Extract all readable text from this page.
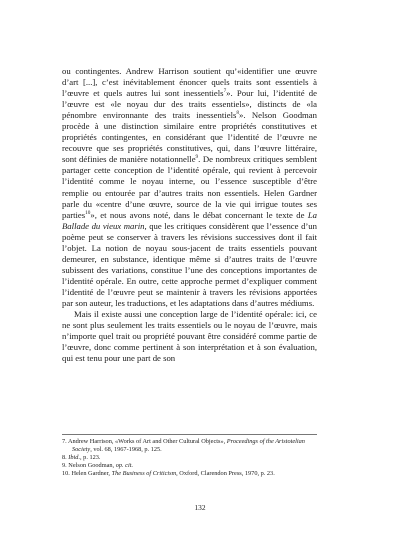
ou contingentes. Andrew Harrison soutient qu’«identifier une œuvre d’art [...], c’est inévitablement énoncer quels traits sont essentiels à l’œuvre et quels autres lui sont inessentiels$^7$». Pour lui, l’identité de l’œuvre est «le noyau dur des traits essentiels», distincts de «la pénombre environnante des traits inessentiels$^8$». Nelson Goodman procède à une distinction similaire entre propriétés constitutives et propriétés contingentes, en considérant que l’identité de l’œuvre ne recouvre que ses propriétés constitutives, qui, dans l’œuvre littéraire, sont définies de manière notationnelle$^9$. De nombreux critiques semblent partager cette conception de l’identité opérale, qui revient à percevoir l’identité comme le noyau interne, ou l’essence susceptible d’être remplie ou entourée par d’autres traits non essentiels. Helen Gardner parle du «centre d’une œuvre, source de la vie qui irrigue toutes ses parties$^{10}$», et nous avons noté, dans le débat concernant le texte de La Ballade du vieux marin, que les critiques considèrent que l’essence d’un poème peut se conserver à travers les révisions successives dont il fait l’objet. La notion de noyau sous-jacent de traits essentiels pouvant demeurer, en substance, identique même si d’autres traits de l’œuvre subissent des variations, constitue l’une des conceptions importantes de l’identité opérale. En outre, cette approche permet d’expliquer comment l’identité de l’œuvre peut se maintenir à travers les révisions apportées par son auteur, les traductions, et les adaptations dans d’autres médiums.

Mais il existe aussi une conception large de l’identité opérale: ici, ce ne sont plus seulement les traits essentiels ou le noyau de l’œuvre, mais n’importe quel trait ou propriété pouvant être considéré comme partie de l’œuvre, donc comme pertinent à son interprétation et à son évaluation, qui est tenu pour une part de son

7. Andrew Harrison, «Works of Art and Other Cultural Objects», Proceedings of the Aristotelian Society, vol. 68, 1967-1968, p. 125.

8. Ibid., p. 123.

9. Nelson Goodman, op. cit.

10. Helen Gardner, The Business of Criticism, Oxford, Clarendon Press, 1970, p. 23.

132
